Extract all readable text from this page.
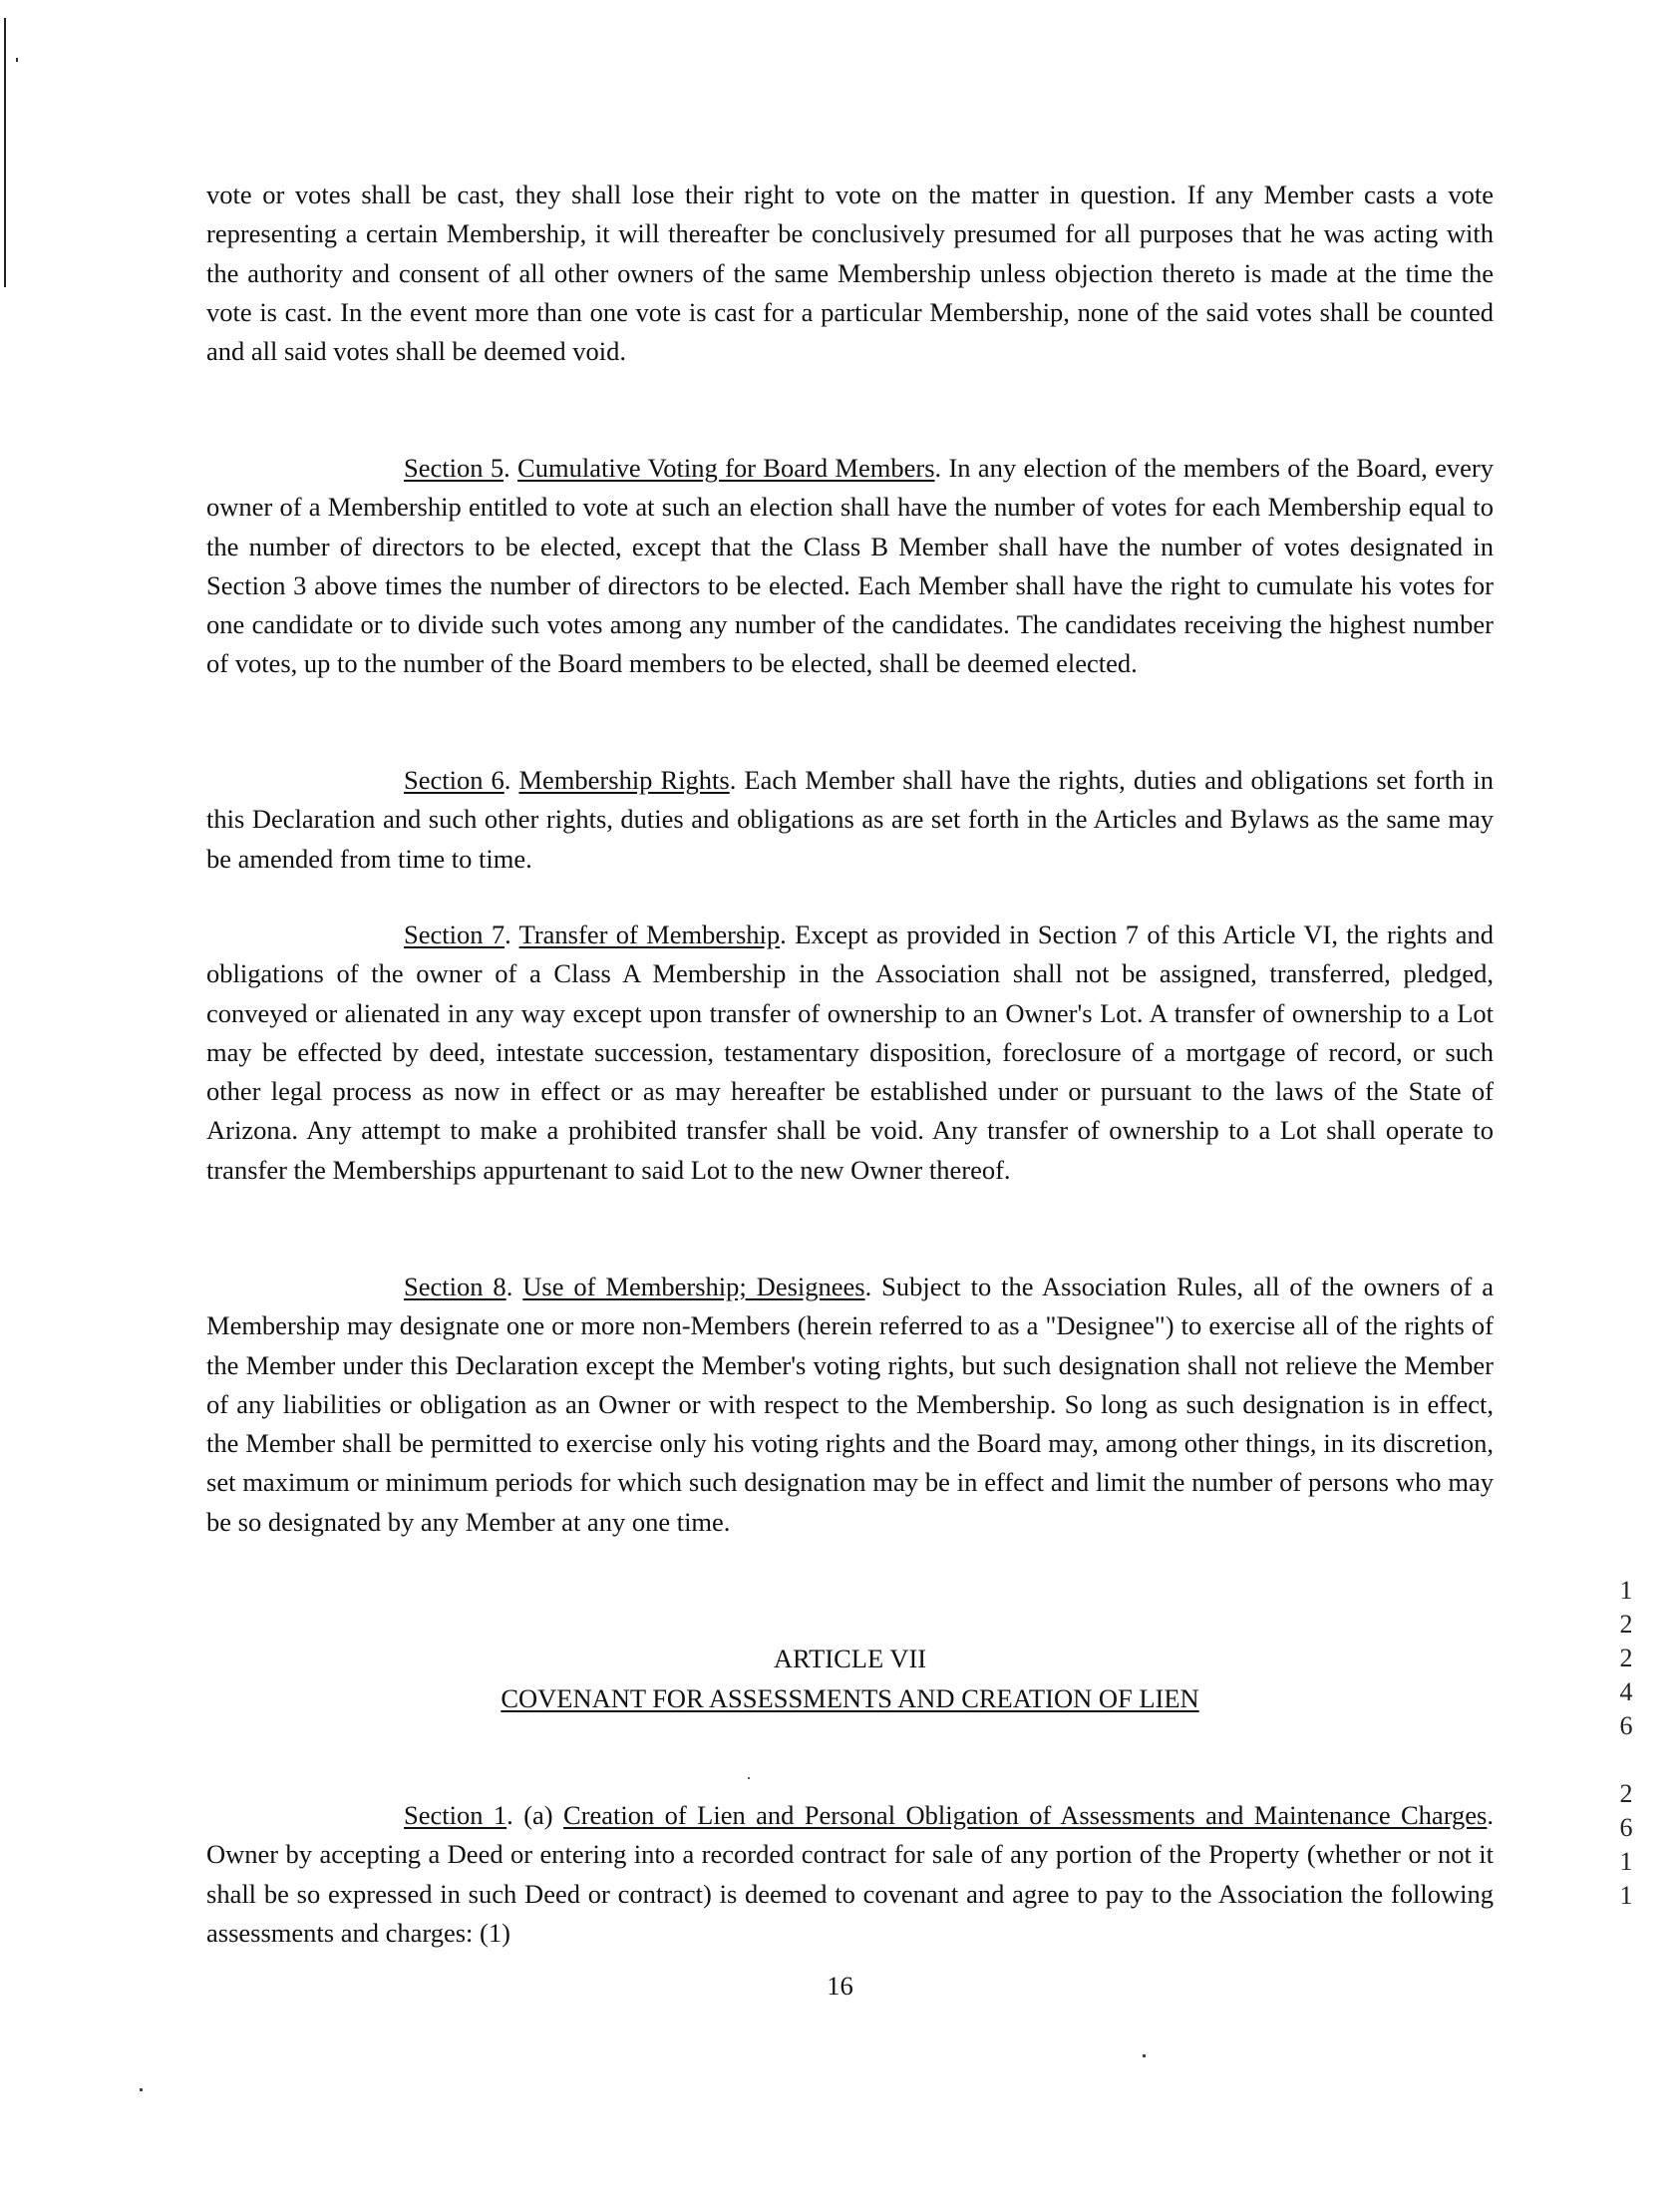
vote or votes shall be cast, they shall lose their right to vote on the matter in question. If any Member casts a vote representing a certain Membership, it will thereafter be conclusively presumed for all purposes that he was acting with the authority and consent of all other owners of the same Membership unless objection thereto is made at the time the vote is cast. In the event more than one vote is cast for a particular Membership, none of the said votes shall be counted and all said votes shall be deemed void.

Section 5. Cumulative Voting for Board Members. In any election of the members of the Board, every owner of a Membership entitled to vote at such an election shall have the number of votes for each Membership equal to the number of directors to be elected, except that the Class B Member shall have the number of votes designated in Section 3 above times the number of directors to be elected. Each Member shall have the right to cumulate his votes for one candidate or to divide such votes among any number of the candidates. The candidates receiving the highest number of votes, up to the number of the Board members to be elected, shall be deemed elected.

Section 6. Membership Rights. Each Member shall have the rights, duties and obligations set forth in this Declaration and such other rights, duties and obligations as are set forth in the Articles and Bylaws as the same may be amended from time to time.

Section 7. Transfer of Membership. Except as provided in Section 7 of this Article VI, the rights and obligations of the owner of a Class A Membership in the Association shall not be assigned, transferred, pledged, conveyed or alienated in any way except upon transfer of ownership to an Owner's Lot. A transfer of ownership to a Lot may be effected by deed, intestate succession, testamentary disposition, foreclosure of a mortgage of record, or such other legal process as now in effect or as may hereafter be established under or pursuant to the laws of the State of Arizona. Any attempt to make a prohibited transfer shall be void. Any transfer of ownership to a Lot shall operate to transfer the Memberships appurtenant to said Lot to the new Owner thereof.

Section 8. Use of Membership; Designees. Subject to the Association Rules, all of the owners of a Membership may designate one or more non-Members (herein referred to as a "Designee") to exercise all of the rights of the Member under this Declaration except the Member's voting rights, but such designation shall not relieve the Member of any liabilities or obligation as an Owner or with respect to the Membership. So long as such designation is in effect, the Member shall be permitted to exercise only his voting rights and the Board may, among other things, in its discretion, set maximum or minimum periods for which such designation may be in effect and limit the number of persons who may be so designated by any Member at any one time.

ARTICLE VII
COVENANT FOR ASSESSMENTS AND CREATION OF LIEN

Section 1. (a) Creation of Lien and Personal Obligation of Assessments and Maintenance Charges. Owner by accepting a Deed or entering into a recorded contract for sale of any portion of the Property (whether or not it shall be so expressed in such Deed or contract) is deemed to covenant and agree to pay to the Association the following assessments and charges: (1)

16
1
2
2
4
6
2
6
1
1
